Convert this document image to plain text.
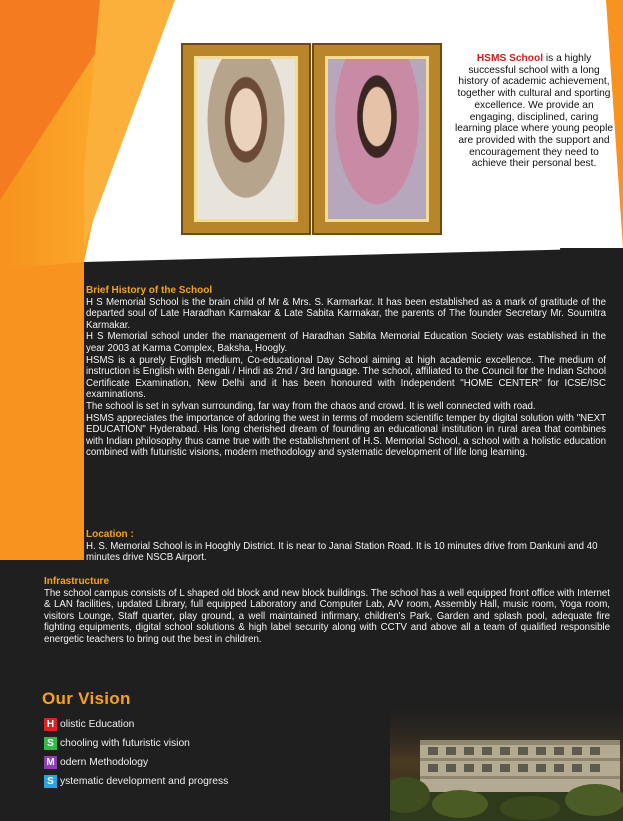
HSMS School is a highly successful school with a long history of academic achievement, together with cultural and sporting excellence. We provide an engaging, disciplined, caring learning place where young people are provided with the support and encouragement they need to achieve their personal best.
Brief History of the School

H S Memorial School is the brain child of Mr & Mrs. S. Karmarkar. It has been established as a mark of gratitude of the departed soul of Late Haradhan Karmakar & Late Sabita Karmakar, the parents of The founder Secretary Mr. Soumitra Karmakar.

H S Memorial school under the management of Haradhan Sabita Memorial Education Society was established in the year 2003 at Karma Complex, Baksha, Hoogly.

HSMS is a purely English medium, Co-educational Day School aiming at high academic excellence. The medium of instruction is English with Bengali / Hindi as 2nd / 3rd language. The school, affiliated to the Council for the Indian School Certificate Examination, New Delhi and it has been honoured with Independent "HOME CENTER" for ICSE/ISC examinations.

The school is set in sylvan surrounding, far way from the chaos and crowd. It is well connected with road.

HSMS appreciates the importance of adoring the west in terms of modern scientific temper by digital solution with "NEXT EDUCATION" Hyderabad. His long cherished dream of founding an educational institution in rural area that combines with Indian philosophy thus came true with the establishment of H.S. Memorial School, a school with a holistic education combined with futuristic visions, modern methodology and systematic development of life long learning.

Location :

H. S. Memorial School is in Hooghly District. It is near to Janai Station Road. It is 10 minutes drive from Dankuni and 40 minutes drive NSCB Airport.

Infrastructure

The school campus consists of L shaped old block and new block buildings. The school has a well equipped front office with Internet & LAN facilities, updated Library, full equipped Laboratory and Computer Lab, A/V room, Assembly Hall, music room, Yoga room, visitors Lounge, Staff quarter, play ground, a well maintained infirmary, children's Park, Garden and splash pool, adequate fire fighting equipments, digital school solutions & high label security along with CCTV and above all a team of qualified responsible energetic teachers to bring out the best in children.

Our Vision
H olistic Education
S chooling with futuristic vision
M odern Methodology
S ystematic development and progress
